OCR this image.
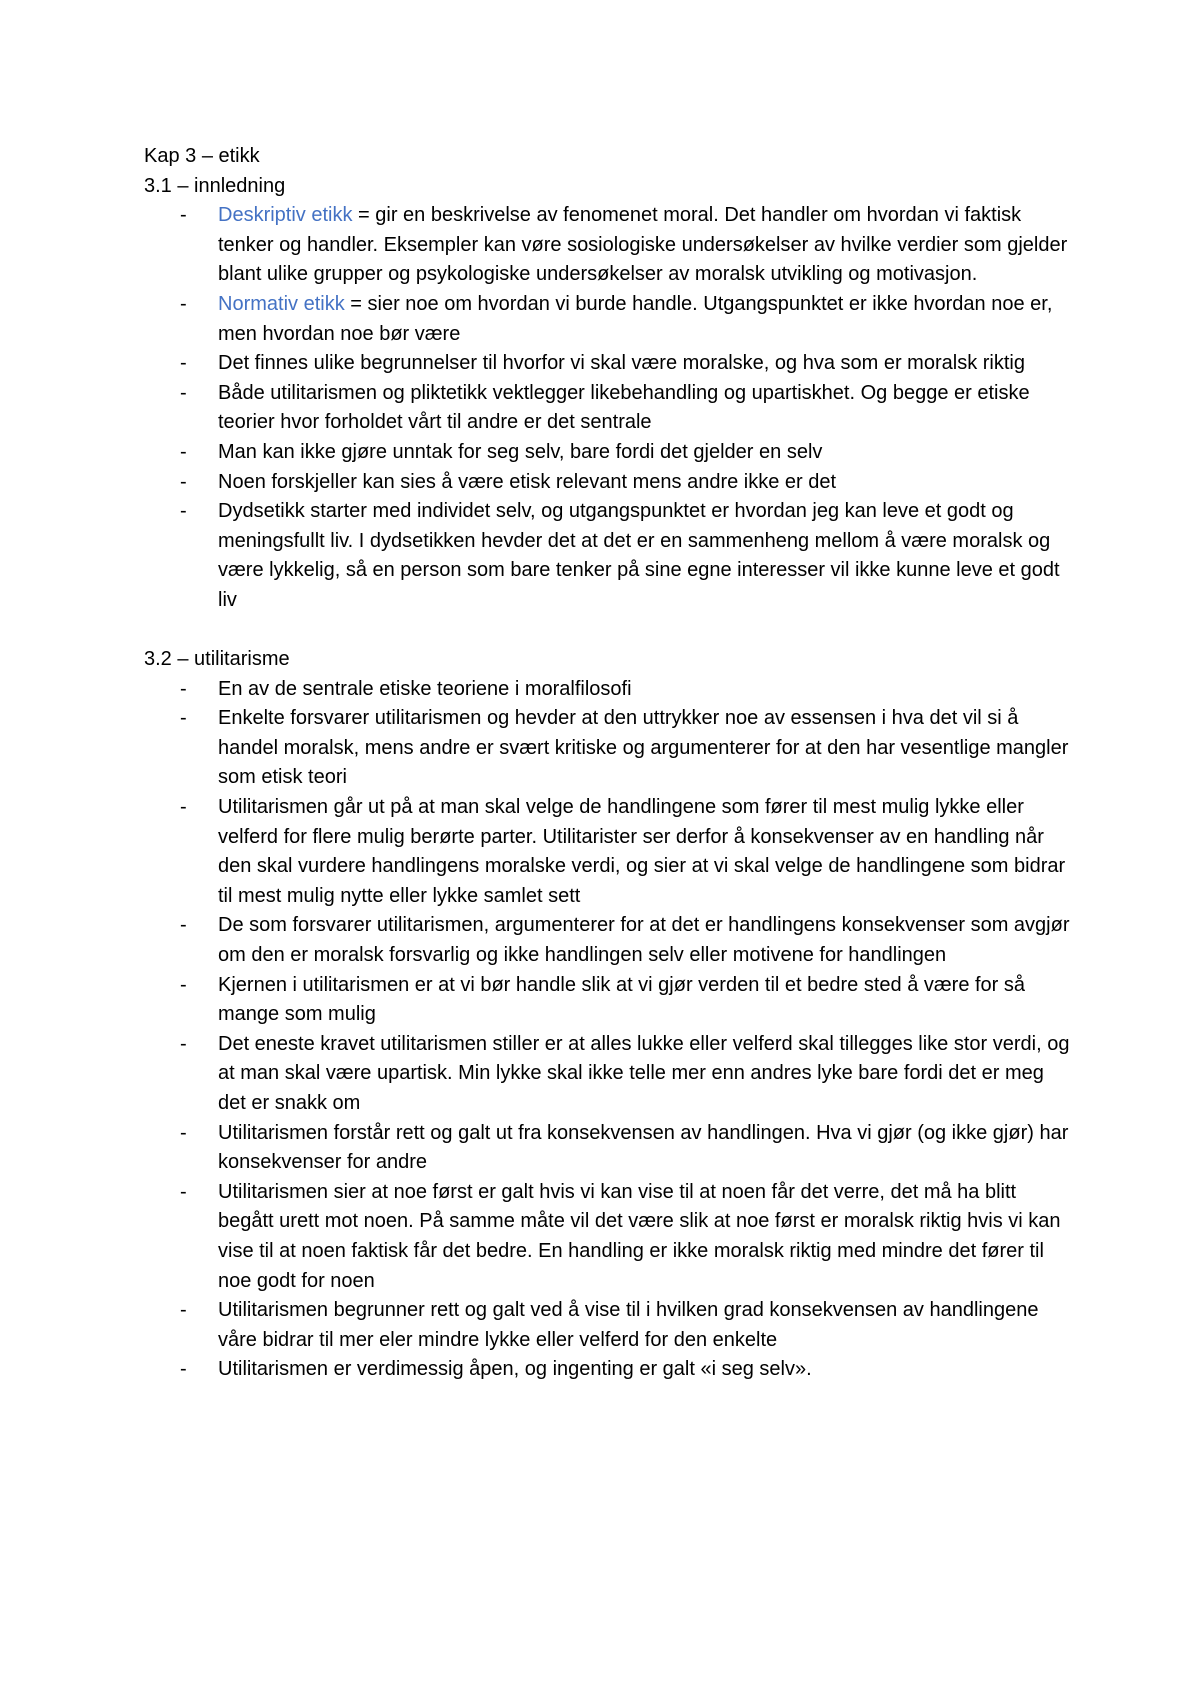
Kap 3 – etikk
3.1 – innledning
- Deskriptiv etikk = gir en beskrivelse av fenomenet moral. Det handler om hvordan vi faktisk tenker og handler. Eksempler kan vøre sosiologiske undersøkelser av hvilke verdier som gjelder blant ulike grupper og psykologiske undersøkelser av moralsk utvikling og motivasjon.
- Normativ etikk = sier noe om hvordan vi burde handle. Utgangspunktet er ikke hvordan noe er, men hvordan noe bør være
- Det finnes ulike begrunnelser til hvorfor vi skal være moralske, og hva som er moralsk riktig
- Både utilitarismen og pliktetikk vektlegger likebehandling og upartiskhet. Og begge er etiske teorier hvor forholdet vårt til andre er det sentrale
- Man kan ikke gjøre unntak for seg selv, bare fordi det gjelder en selv
- Noen forskjeller kan sies å være etisk relevant mens andre ikke er det
- Dydsetikk starter med individet selv, og utgangspunktet er hvordan jeg kan leve et godt og meningsfullt liv. I dydsetikken hevder det at det er en sammenheng mellom å være moralsk og være lykkelig, så en person som bare tenker på sine egne interesser vil ikke kunne leve et godt liv
3.2 – utilitarisme
- En av de sentrale etiske teoriene i moralfilosofi
- Enkelte forsvarer utilitarismen og hevder at den uttrykker noe av essensen i hva det vil si å handel moralsk, mens andre er svært kritiske og argumenterer for at den har vesentlige mangler som etisk teori
- Utilitarismen går ut på at man skal velge de handlingene som fører til mest mulig lykke eller velferd for flere mulig berørte parter. Utilitarister ser derfor å konsekvenser av en handling når den skal vurdere handlingens moralske verdi, og sier at vi skal velge de handlingene som bidrar til mest mulig nytte eller lykke samlet sett
- De som forsvarer utilitarismen, argumenterer for at det er handlingens konsekvenser som avgjør om den er moralsk forsvarlig og ikke handlingen selv eller motivene for handlingen
- Kjernen i utilitarismen er at vi bør handle slik at vi gjør verden til et bedre sted å være for så mange som mulig
- Det eneste kravet utilitarismen stiller er at alles lukke eller velferd skal tillegges like stor verdi, og at man skal være upartisk. Min lykke skal ikke telle mer enn andres lyke bare fordi det er meg det er snakk om
- Utilitarismen forstår rett og galt ut fra konsekvensen av handlingen. Hva vi gjør (og ikke gjør) har konsekvenser for andre
- Utilitarismen sier at noe først er galt hvis vi kan vise til at noen får det verre, det må ha blitt begått urett mot noen. På samme måte vil det være slik at noe først er moralsk riktig hvis vi kan vise til at noen faktisk får det bedre. En handling er ikke moralsk riktig med mindre det fører til noe godt for noen
- Utilitarismen begrunner rett og galt ved å vise til i hvilken grad konsekvensen av handlingene våre bidrar til mer eler mindre lykke eller velferd for den enkelte
- Utilitarismen er verdimessig åpen, og ingenting er galt «i seg selv».
